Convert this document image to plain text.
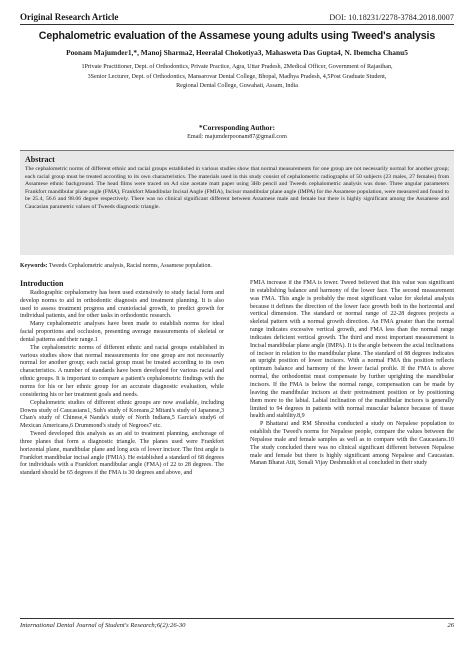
Original Research Article	DOI: 10.18231/2278-3784.2018.0007
Cephalometric evaluation of the Assamese young adults using Tweed's analysis
Poonam Majumder1,*, Manoj Sharma2, Heeralal Chokotiya3, Mahasweta Das Gupta4, N. Ibemcha Chanu5
1Private Practitioner, Dept. of Orthodontics, Private Practice, Agra, Uttar Pradesh, 2Medical Officer, Government of Rajasthan,
3Senior Lecturer, Dept. of Orthodontics, Mansarovar Dental College, Bhopal, Madhya Pradesh, 4,5Post Graduate Student,
Regional Dental College, Guwahati, Assam, India
*Corresponding Author:
Email: majumderpoonam87@gmail.com
Abstract

The cephalometric norms of different ethnic and racial groups established in various studies show that normal measurements for one group are not necessarily normal for another group; each racial group must be treated according to its own characteristics. The materials used in this study consist of cephalometric radiographs of 50 subjects (23 males, 27 females) from Assamese ethnic background. The head films were traced on A4 size acetate matt paper using 3Hb pencil and Tweeds cephalometric analysis was done. Three angular parameters Frankfort mandibular plane angle (FMA), Frankfort Mandibular Incisal Angle (FMIA), Incisor mandibular plane angle (IMPA) for the Assamese population, were measured and found to be 25.4, 56.6 and 98.06 degree respectively. There was no clinical significant different between Assamese male and female but there is highly significant among the Assamese and Caucasian parametric values of Tweeds diagnostic triangle.

Keywords: Tweeds Cephalometric analysis, Racial norms, Assamese population.
Introduction

Radiographic cephalometry has been used extensively to study facial form and develop norms to aid in orthodontic diagnosis and treatment planning. It is also used to assess treatment progress and craniofacial growth, to predict growth for individual patients, and for other tasks in orthodontic research.

Many cephalometric analyses have been made to establish norms for ideal facial proportions and occlusion, presenting average measurements of skeletal or dental patterns and their range.1

The cephalometric norms of different ethnic and racial groups established in various studies show that normal measurements for one group are not necessarily normal for another group; each racial group must be treated according to its own characteristics. A number of standards have been developed for various racial and ethnic groups. It is important to compare a patient's cephalometric findings with the norms for his or her ethnic group for an accurate diagnostic evaluation, while considering his or her treatment goals and needs.

Cephalometric studies of different ethnic groups are now available, including Downs study of Caucasians1, Suh's study of Koreans,2 Mitani's study of Japanese,3 Chan's study of Chinese,4 Nanda's study of North Indians,5 Garcia's study6 of Mexican Americans,6 Drummond's study of Negroes7 etc.

Tweed developed this analysis as an aid to treatment planning, anchorage of three planes that form a diagnostic triangle. The planes used were Frankfort horizontal plane, mandibular plane and long axis of lower incisor. The first angle is Frankfort mandibular incisal angle (FMIA). He established a standard of 68 degrees for individuals with a Frankfort mandibular angle (FMA) of 22 to 28 degrees. The standard should be 65 degrees if the FMA is 30 degrees and above, and

FMIA increase if the FMA is lower. Tweed believed that this value was significant in establishing balance and harmony of the lower face. The second measurement was FMA. This angle is probably the most significant value for skeletal analysis because it defines the direction of the lower face growth both in the horizontal and vertical dimension. The standard or normal range of 22-28 degrees projects a skeletal pattern with a normal growth direction. An FMA greater than the normal range indicates excessive vertical growth, and FMA less than the normal range indicates deficient vertical growth. The third and most important measurement is Incisal mandibular plane angle (IMPA). It is the angle between the axial inclinations of incisor in relation to the mandibular plane. The standard of 88 degrees indicates an upright position of lower incisors. With a normal FMA this position reflects optimum balance and harmony of the lower facial profile. If the FMA is above normal, the orthodontist must compensate by further uprighting the mandibular incisors. If the FMA is below the normal range, compensation can be made by leaving the mandibular incisors at their pretreatment position or by positioning them more to the labial. Labial inclination of the mandibular incisors is generally limited to 94 degrees in patients with normal muscular balance because of tissue health and stability.8,9

P Bhattarai and RM Shrestha conducted a study on Nepalese population to establish the Tweed's norms for Nepalese people, compare the values between the Nepalese male and female samples as well as to compare with the Caucasians.10 The study concluded there was no clinical significant different between Nepalese male and female but there is highly significant among Nepalese and Caucasian. Manan Bharat Atit, Sonali Vijay Deshmukh et al concluded in their study

International Dental Journal of Student's Research;6(2):26-30	26
